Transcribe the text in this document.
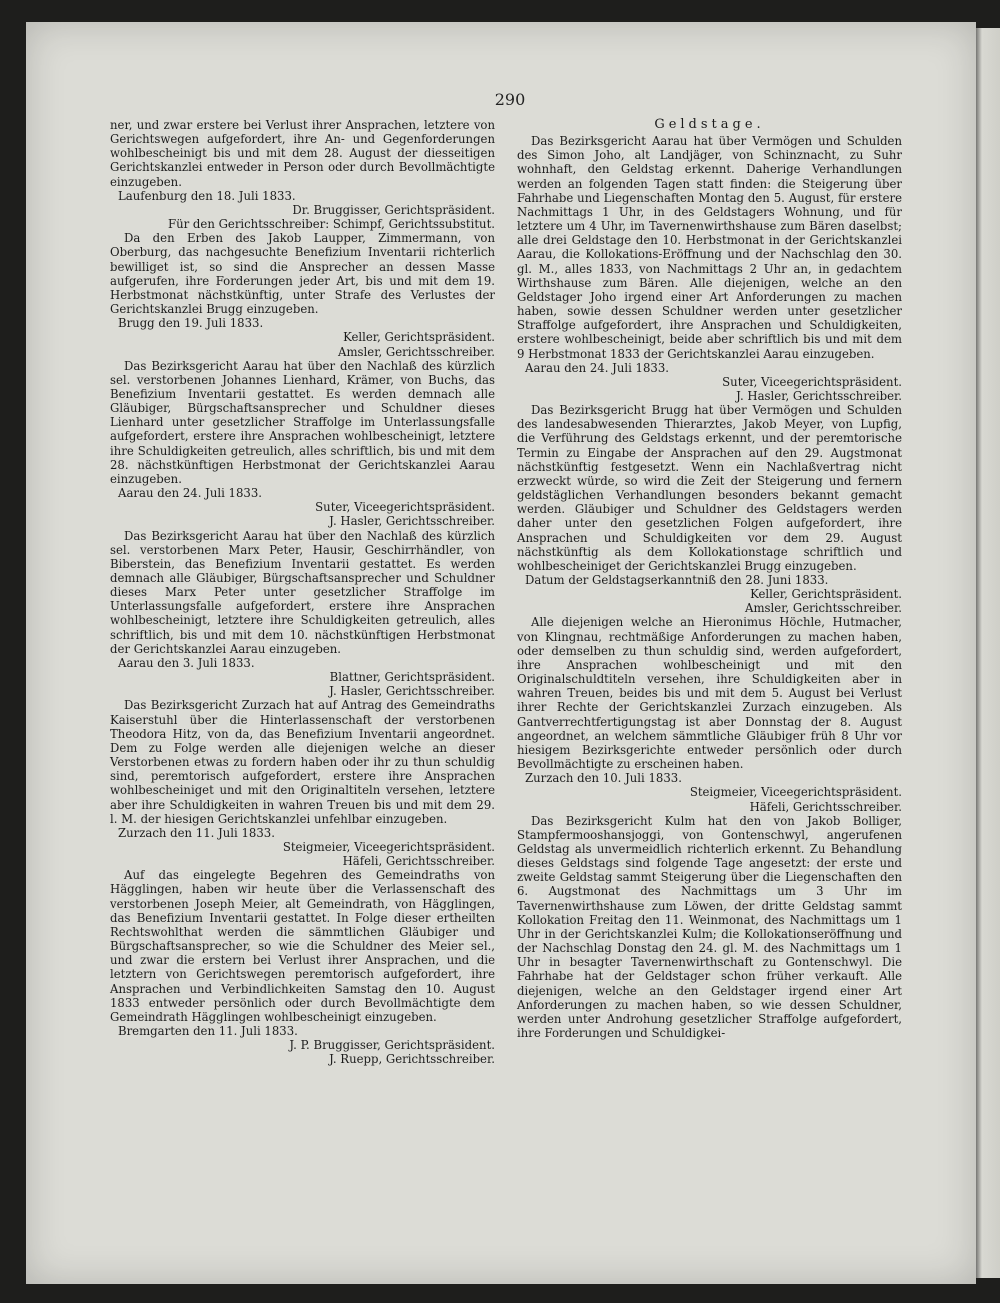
290

ner, und zwar erstere bei Verlust ihrer Ansprachen, letztere von Gerichtswegen aufgefordert, ihre An- und Gegenforderungen wohlbescheinigt bis und mit dem 28. August der diesseitigen Gerichtskanzlei entweder in Person oder durch Bevollmächtigte einzugeben.

Laufenburg den 18. Juli 1833.

Dr. Bruggisser, Gerichtspräsident.

Für den Gerichtsschreiber: Schimpf, Gerichtssubstitut.

Da den Erben des Jakob Laupper, Zimmermann, von Oberburg, das nachgesuchte Benefizium Inventarii richterlich bewilliget ist, so sind die Ansprecher an dessen Masse aufgerufen, ihre Forderungen jeder Art, bis und mit dem 19. Herbstmonat nächstkünftig, unter Strafe des Verlustes der Gerichtskanzlei Brugg einzugeben.

Brugg den 19. Juli 1833.

Keller, Gerichtspräsident.

Amsler, Gerichtsschreiber.

Das Bezirksgericht Aarau hat über den Nachlaß des kürzlich sel. verstorbenen Johannes Lienhard, Krämer, von Buchs, das Benefizium Inventarii gestattet. Es werden demnach alle Gläubiger, Bürgschaftsansprecher und Schuldner dieses Lienhard unter gesetzlicher Straffolge im Unterlassungsfalle aufgefordert, erstere ihre Ansprachen wohlbescheinigt, letztere ihre Schuldigkeiten getreulich, alles schriftlich, bis und mit dem 28. nächstkünftigen Herbstmonat der Gerichtskanzlei Aarau einzugeben.

Aarau den 24. Juli 1833.

Suter, Viceegerichtspräsident.

J. Hasler, Gerichtsschreiber.

Das Bezirksgericht Aarau hat über den Nachlaß des kürzlich sel. verstorbenen Marx Peter, Hausir, Geschirrhändler, von Biberstein, das Benefizium Inventarii gestattet. Es werden demnach alle Gläubiger, Bürgschaftsansprecher und Schuldner dieses Marx Peter unter gesetzlicher Straffolge im Unterlassungsfalle aufgefordert, erstere ihre Ansprachen wohlbescheinigt, letztere ihre Schuldigkeiten getreulich, alles schriftlich, bis und mit dem 10. nächstkünftigen Herbstmonat der Gerichtskanzlei Aarau einzugeben.

Aarau den 3. Juli 1833.

Blattner, Gerichtspräsident.

J. Hasler, Gerichtsschreiber.

Das Bezirksgericht Zurzach hat auf Antrag des Gemeindraths Kaiserstuhl über die Hinterlassenschaft der verstorbenen Theodora Hitz, von da, das Benefizium Inventarii angeordnet. Dem zu Folge werden alle diejenigen welche an dieser Verstorbenen etwas zu fordern haben oder ihr zu thun schuldig sind, peremtorisch aufgefordert, erstere ihre Ansprachen wohlbescheiniget und mit den Originaltiteln versehen, letztere aber ihre Schuldigkeiten in wahren Treuen bis und mit dem 29. l. M. der hiesigen Gerichtskanzlei unfehlbar einzugeben.

Zurzach den 11. Juli 1833.

Steigmeier, Viceegerichtspräsident.

Häfeli, Gerichtsschreiber.

Auf das eingelegte Begehren des Gemeindraths von Hägglingen, haben wir heute über die Verlassenschaft des verstorbenen Joseph Meier, alt Gemeindrath, von Hägglingen, das Benefizium Inventarii gestattet. In Folge dieser ertheilten Rechtswohlthat werden die sämmtlichen Gläubiger und Bürgschaftsansprecher, so wie die Schuldner des Meier sel., und zwar die erstern bei Verlust ihrer Ansprachen, und die letztern von Gerichtswegen peremtorisch aufgefordert, ihre Ansprachen und Verbindlichkeiten Samstag den 10. August 1833 entweder persönlich oder durch Bevollmächtigte dem Gemeindrath Hägglingen wohlbescheinigt einzugeben.

Bremgarten den 11. Juli 1833.

J. P. Bruggisser, Gerichtspräsident.

J. Ruepp, Gerichtsschreiber.

Geldstage.

Das Bezirksgericht Aarau hat über Vermögen und Schulden des Simon Joho, alt Landjäger, von Schinznacht, zu Suhr wohnhaft, den Geldstag erkennt. Daherige Verhandlungen werden an folgenden Tagen statt finden: die Steigerung über Fahrhabe und Liegenschaften Montag den 5. August, für erstere Nachmittags 1 Uhr, in des Geldstagers Wohnung, und für letztere um 4 Uhr, im Tavernenwirthshause zum Bären daselbst; alle drei Geldstage den 10. Herbstmonat in der Gerichtskanzlei Aarau, die Kollokations-Eröffnung und der Nachschlag den 30. gl. M., alles 1833, von Nachmittags 2 Uhr an, in gedachtem Wirthshause zum Bären. Alle diejenigen, welche an den Geldstager Joho irgend einer Art Anforderungen zu machen haben, sowie dessen Schuldner werden unter gesetzlicher Straffolge aufgefordert, ihre Ansprachen und Schuldigkeiten, erstere wohlbescheinigt, beide aber schriftlich bis und mit dem 9 Herbstmonat 1833 der Gerichtskanzlei Aarau einzugeben.

Aarau den 24. Juli 1833.

Suter, Viceegerichtspräsident.

J. Hasler, Gerichtsschreiber.

Das Bezirksgericht Brugg hat über Vermögen und Schulden des landesabwesenden Thierarztes, Jakob Meyer, von Lupfig, die Verführung des Geldstags erkennt, und der peremtorische Termin zu Eingabe der Ansprachen auf den 29. Augstmonat nächstkünftig festgesetzt. Wenn ein Nachlaßvertrag nicht erzweckt würde, so wird die Zeit der Steigerung und fernern geldstäglichen Verhandlungen besonders bekannt gemacht werden. Gläubiger und Schuldner des Geldstagers werden daher unter den gesetzlichen Folgen aufgefordert, ihre Ansprachen und Schuldigkeiten vor dem 29. August nächstkünftig als dem Kollokationstage schriftlich und wohlbescheiniget der Gerichtskanzlei Brugg einzugeben.

Datum der Geldstagserkanntniß den 28. Juni 1833.

Keller, Gerichtspräsident.

Amsler, Gerichtsschreiber.

Alle diejenigen welche an Hieronimus Höchle, Hutmacher, von Klingnau, rechtmäßige Anforderungen zu machen haben, oder demselben zu thun schuldig sind, werden aufgefordert, ihre Ansprachen wohlbescheinigt und mit den Originalschuldtiteln versehen, ihre Schuldigkeiten aber in wahren Treuen, beides bis und mit dem 5. August bei Verlust ihrer Rechte der Gerichtskanzlei Zurzach einzugeben. Als Gantverrechtfertigungstag ist aber Donnstag der 8. August angeordnet, an welchem sämmtliche Gläubiger früh 8 Uhr vor hiesigem Bezirksgerichte entweder persönlich oder durch Bevollmächtigte zu erscheinen haben.

Zurzach den 10. Juli 1833.

Steigmeier, Viceegerichtspräsident.

Häfeli, Gerichtsschreiber.

Das Bezirksgericht Kulm hat den von Jakob Bolliger, Stampfermooshansjoggi, von Gontenschwyl, angerufenen Geldstag als unvermeidlich richterlich erkennt. Zu Behandlung dieses Geldstags sind folgende Tage angesetzt: der erste und zweite Geldstag sammt Steigerung über die Liegenschaften den 6. Augstmonat des Nachmittags um 3 Uhr im Tavernenwirthshause zum Löwen, der dritte Geldstag sammt Kollokation Freitag den 11. Weinmonat, des Nachmittags um 1 Uhr in der Gerichtskanzlei Kulm; die Kollokationseröffnung und der Nachschlag Donstag den 24. gl. M. des Nachmittags um 1 Uhr in besagter Tavernenwirthschaft zu Gontenschwyl. Die Fahrhabe hat der Geldstager schon früher verkauft. Alle diejenigen, welche an den Geldstager irgend einer Art Anforderungen zu machen haben, so wie dessen Schuldner, werden unter Androhung gesetzlicher Straffolge aufgefordert, ihre Forderungen und Schuldigkei-
